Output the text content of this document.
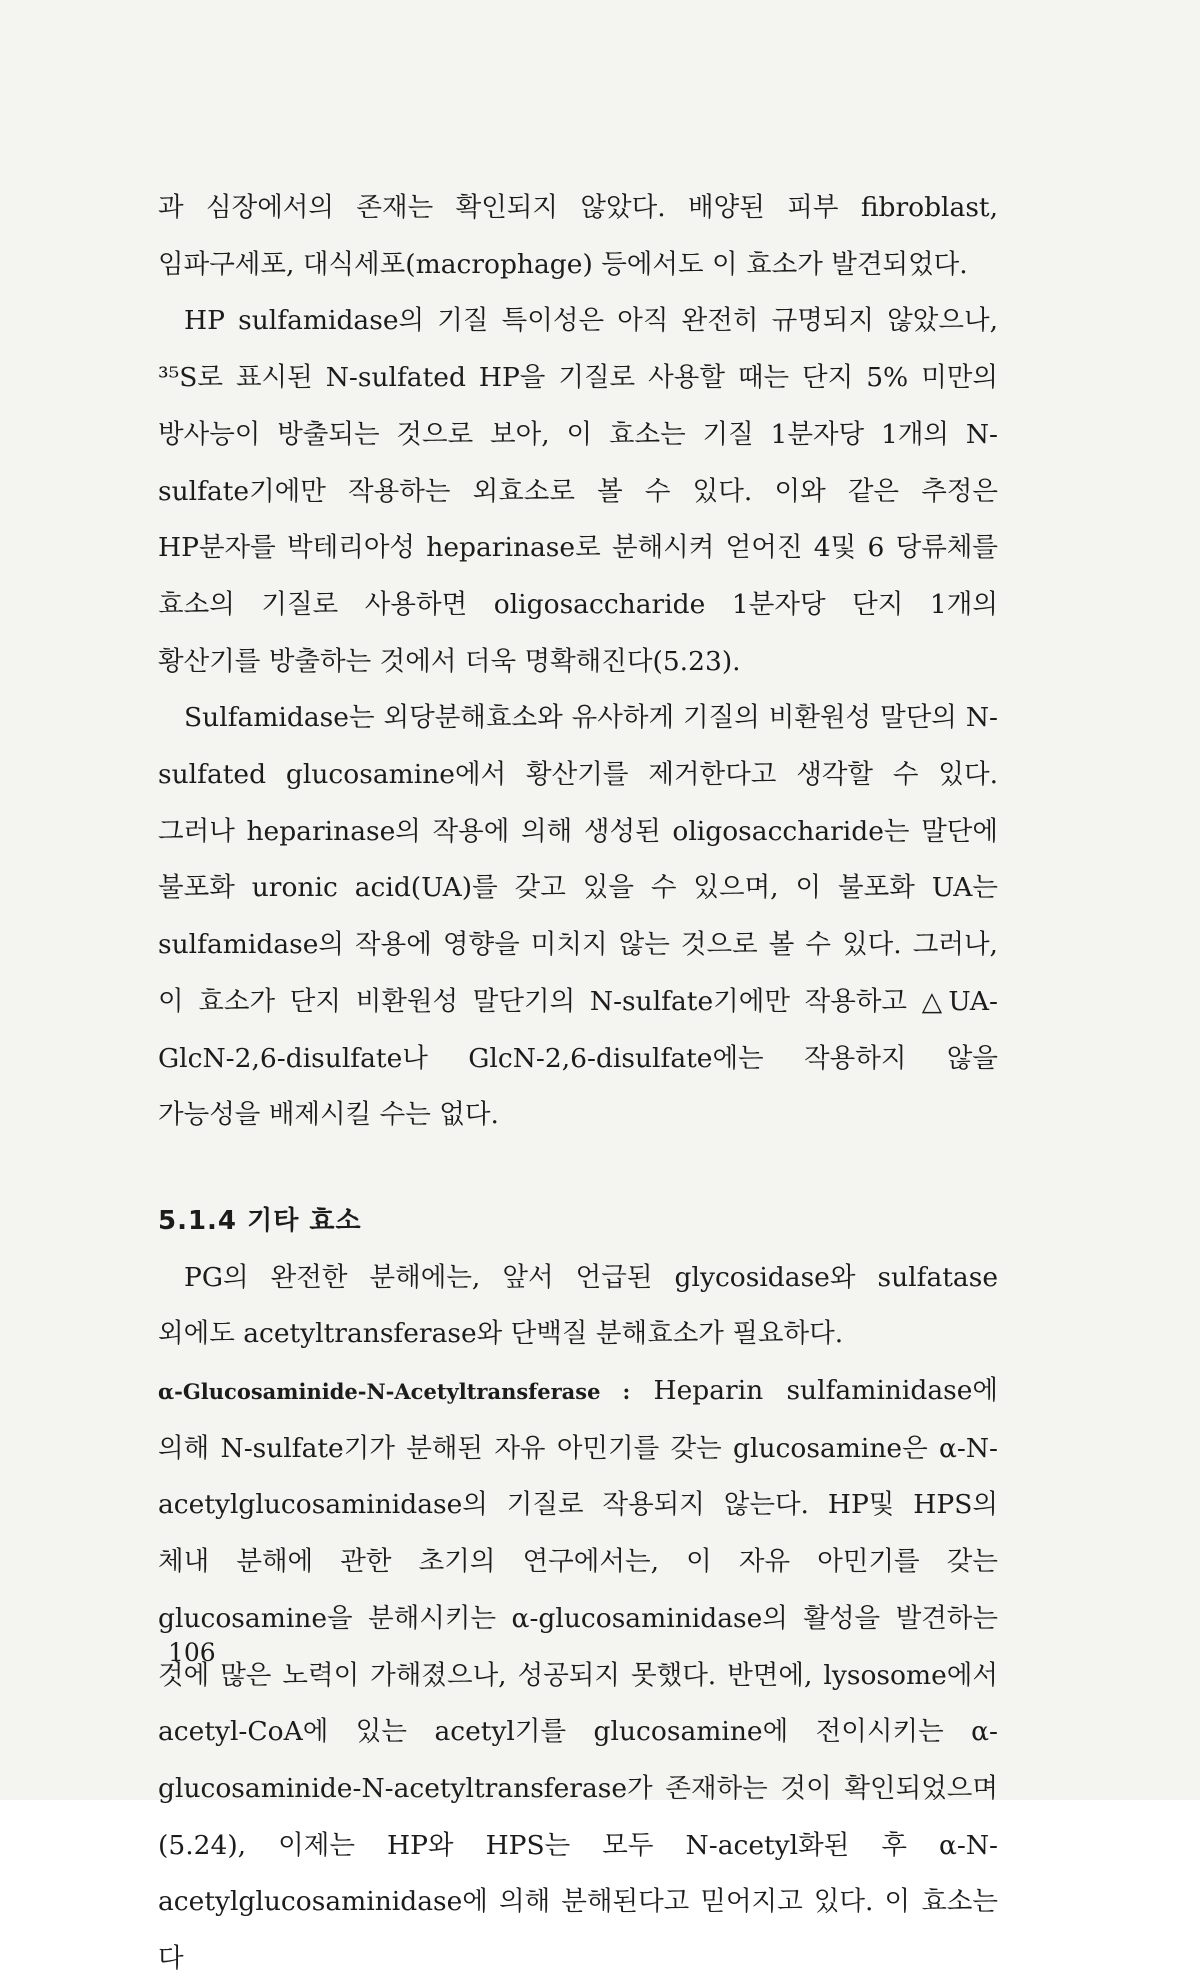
과 심장에서의 존재는 확인되지 않았다. 배양된 피부 fibroblast, 임파구세포, 대식세포(macrophage) 등에서도 이 효소가 발견되었다.

HP sulfamidase의 기질 특이성은 아직 완전히 규명되지 않았으나, ³⁵S로 표시된 N-sulfated HP을 기질로 사용할 때는 단지 5% 미만의 방사능이 방출되는 것으로 보아, 이 효소는 기질 1분자당 1개의 N-sulfate기에만 작용하는 외효소로 볼 수 있다. 이와 같은 추정은 HP분자를 박테리아성 heparinase로 분해시켜 얻어진 4및 6 당류체를 효소의 기질로 사용하면 oligosaccharide 1분자당 단지 1개의 황산기를 방출하는 것에서 더욱 명확해진다(5.23).

Sulfamidase는 외당분해효소와 유사하게 기질의 비환원성 말단의 N-sulfated glucosamine에서 황산기를 제거한다고 생각할 수 있다. 그러나 heparinase의 작용에 의해 생성된 oligosaccharide는 말단에 불포화 uronic acid(UA)를 갖고 있을 수 있으며, 이 불포화 UA는 sulfamidase의 작용에 영향을 미치지 않는 것으로 볼 수 있다. 그러나, 이 효소가 단지 비환원성 말단기의 N-sulfate기에만 작용하고 △UA-GlcN-2,6-disulfate나 GlcN-2,6-disulfate에는 작용하지 않을 가능성을 배제시킬 수는 없다.

5.1.4 기타 효소

PG의 완전한 분해에는, 앞서 언급된 glycosidase와 sulfatase 외에도 acetyltransferase와 단백질 분해효소가 필요하다.

α-Glucosaminide-N-Acetyltransferase : Heparin sulfaminidase에 의해 N-sulfate기가 분해된 자유 아민기를 갖는 glucosamine은 α-N-acetylglucosaminidase의 기질로 작용되지 않는다. HP및 HPS의 체내 분해에 관한 초기의 연구에서는, 이 자유 아민기를 갖는 glucosamine을 분해시키는 α-glucosaminidase의 활성을 발견하는 것에 많은 노력이 가해졌으나, 성공되지 못했다. 반면에, lysosome에서 acetyl-CoA에 있는 acetyl기를 glucosamine에 전이시키는 α-glucosaminide-N-acetyltransferase가 존재하는 것이 확인되었으며(5.24), 이제는 HP와 HPS는 모두 N-acetyl화된 후 α-N-acetylglucosaminidase에 의해 분해된다고 믿어지고 있다. 이 효소는 다

106
